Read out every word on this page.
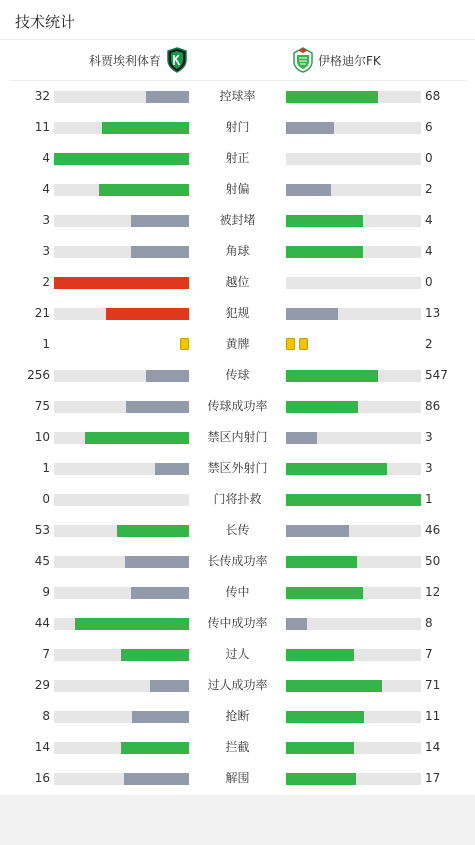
技术统计
科贾埃利体育	伊格迪尔FK
32	控球率	68
11	射门	6
4	射正	0
4	射偏	2
3	被封堵	4
3	角球	4
2	越位	0
21	犯规	13
1	黄牌	2
256	传球	547
75	传球成功率	86
10	禁区内射门	3
1	禁区外射门	3
0	门将扑救	1
53	长传	46
45	长传成功率	50
9	传中	12
44	传中成功率	8
7	过人	7
29	过人成功率	71
8	抢断	11
14	拦截	14
16	解围	17
